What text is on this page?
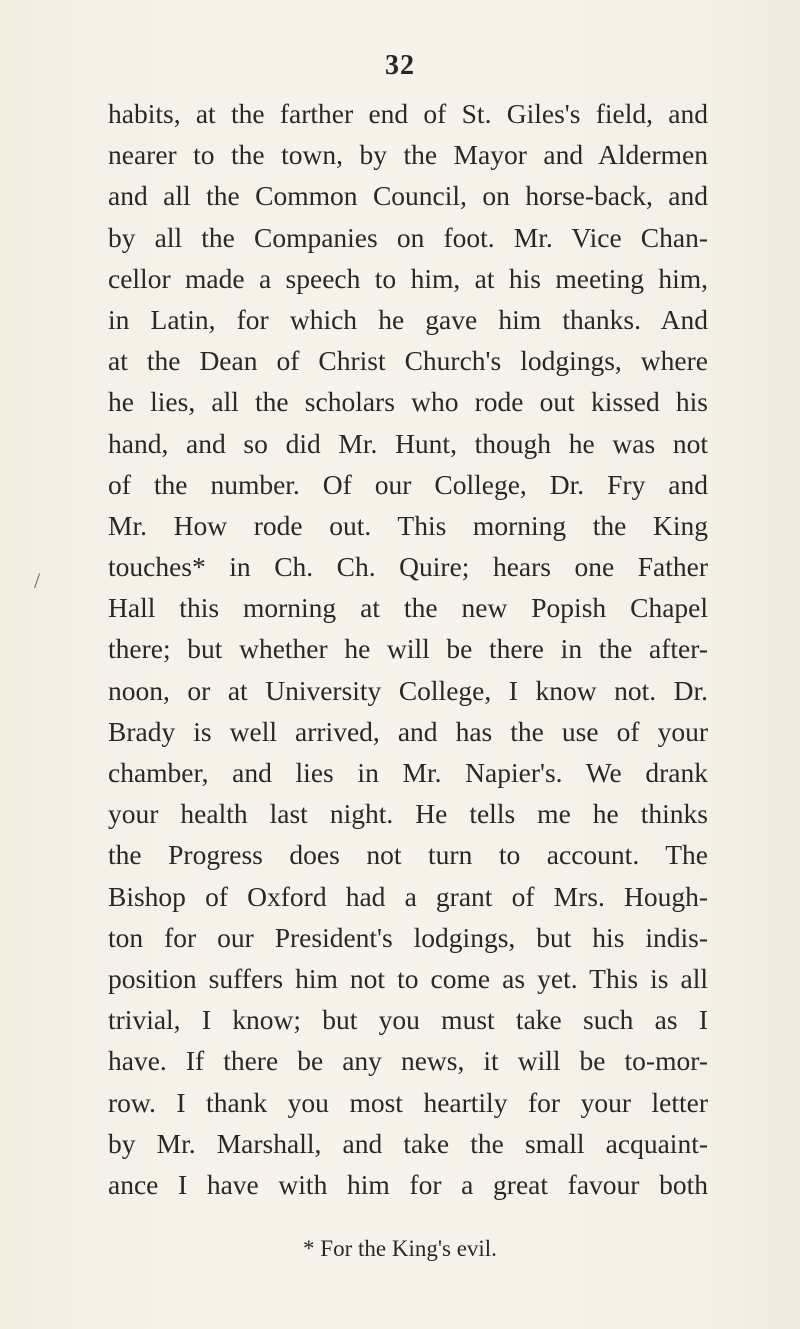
32
/
habits, at the farther end of St. Giles's field, and
nearer to the town, by the Mayor and Aldermen
and all the Common Council, on horse-back, and
by all the Companies on foot. Mr. Vice Chan-
cellor made a speech to him, at his meeting him,
in Latin, for which he gave him thanks. And
at the Dean of Christ Church's lodgings, where
he lies, all the scholars who rode out kissed his
hand, and so did Mr. Hunt, though he was not
of the number. Of our College, Dr. Fry and
Mr. How rode out. This morning the King
touches* in Ch. Ch. Quire; hears one Father
Hall this morning at the new Popish Chapel
there; but whether he will be there in the after-
noon, or at University College, I know not. Dr.
Brady is well arrived, and has the use of your
chamber, and lies in Mr. Napier's. We drank
your health last night. He tells me he thinks
the Progress does not turn to account. The
Bishop of Oxford had a grant of Mrs. Hough-
ton for our President's lodgings, but his indis-
position suffers him not to come as yet. This is all
trivial, I know; but you must take such as I
have. If there be any news, it will be to-mor-
row. I thank you most heartily for your letter
by Mr. Marshall, and take the small acquaint-
ance I have with him for a great favour both
* For the King's evil.
